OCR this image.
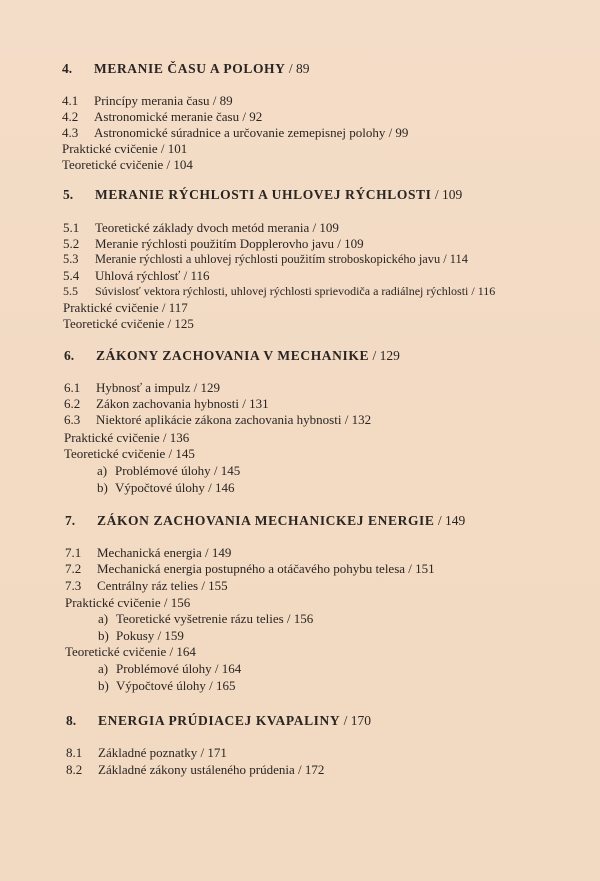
4. MERANIE ČASU A POLOHY / 89
4.1 Princípy merania času / 89
4.2 Astronomické meranie času / 92
4.3 Astronomické súradnice a určovanie zemepisnej polohy / 99
Praktické cvičenie / 101
Teoretické cvičenie / 104
5. MERANIE RÝCHLOSTI A UHLOVEJ RÝCHLOSTI / 109
5.1 Teoretické základy dvoch metód merania / 109
5.2 Meranie rýchlosti použitím Dopplerovho javu / 109
5.3 Meranie rýchlosti a uhlovej rýchlosti použitím stroboskopického javu / 114
5.4 Uhlová rýchlosť / 116
5.5 Súvislosť vektora rýchlosti, uhlovej rýchlosti sprievodiča a radiálnej rýchlosti / 116
Praktické cvičenie / 117
Teoretické cvičenie / 125
6. ZÁKONY ZACHOVANIA V MECHANIKE / 129
6.1 Hybnosť a impulz / 129
6.2 Zákon zachovania hybnosti / 131
6.3 Niektoré aplikácie zákona zachovania hybnosti / 132
Praktické cvičenie / 136
Teoretické cvičenie / 145
a) Problémové úlohy / 145
b) Výpočtové úlohy / 146
7. ZÁKON ZACHOVANIA MECHANICKEJ ENERGIE / 149
7.1 Mechanická energia / 149
7.2 Mechanická energia postupného a otáčavého pohybu telesa / 151
7.3 Centrálny ráz telies / 155
Praktické cvičenie / 156
a) Teoretické vyšetrenie rázu telies / 156
b) Pokusy / 159
Teoretické cvičenie / 164
a) Problémové úlohy / 164
b) Výpočtové úlohy / 165
8. ENERGIA PRÚDIACEJ KVAPALINY / 170
8.1 Základné poznatky / 171
8.2 Základné zákony ustáleného prúdenia / 172
